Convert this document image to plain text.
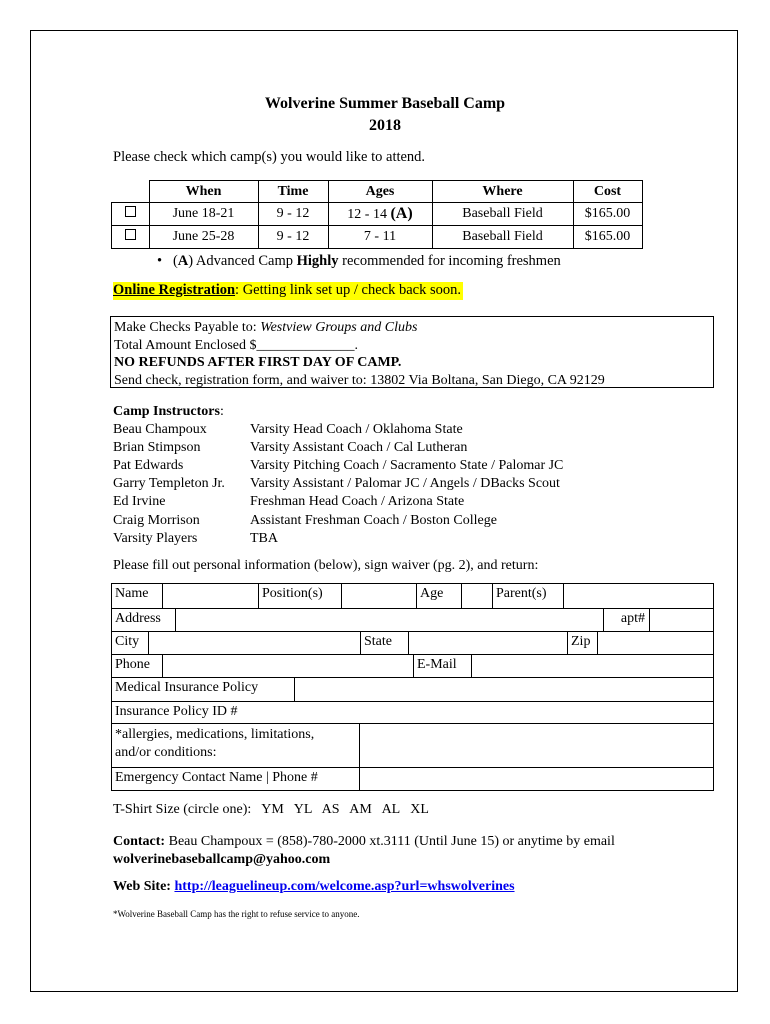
Wolverine Summer Baseball Camp
2018
Please check which camp(s) you would like to attend.
	When	Time	Ages	Where	Cost
	June 18-21	9 - 12	12 - 14 (A)	Baseball Field	$165.00
	June 25-28	9 - 12	7 - 11	Baseball Field	$165.00
•   (A) Advanced Camp Highly recommended for incoming freshmen
Online Registration: Getting link set up / check back soon.
Make Checks Payable to: Westview Groups and Clubs
Total Amount Enclosed $______________.
NO REFUNDS AFTER FIRST DAY OF CAMP.
Send check, registration form, and waiver to: 13802 Via Boltana, San Diego, CA 92129
Camp Instructors:
Beau Champoux	Varsity Head Coach / Oklahoma State
Brian Stimpson	Varsity Assistant Coach / Cal Lutheran
Pat Edwards	Varsity Pitching Coach / Sacramento State / Palomar JC
Garry Templeton Jr. Varsity Assistant / Palomar JC / Angels / DBacks Scout
Ed Irvine	Freshman Head Coach / Arizona State
Craig Morrison	Assistant Freshman Coach / Boston College
Varsity Players	TBA
Please fill out personal information (below), sign waiver (pg. 2), and return:
Name	Position(s)	Age	Parent(s)
Address	apt#
City	State	Zip
Phone	E-Mail
Medical Insurance Policy
Insurance Policy ID #
*allergies, medications, limitations,
and/or conditions:
Emergency Contact Name | Phone #
T-Shirt Size (circle one):   YM   YL   AS   AM   AL   XL
Contact: Beau Champoux = (858)-780-2000 xt.3111 (Until June 15) or anytime by email
wolverinebaseballcamp@yahoo.com
Web Site: http://leaguelineup.com/welcome.asp?url=whswolverines
*Wolverine Baseball Camp has the right to refuse service to anyone.
